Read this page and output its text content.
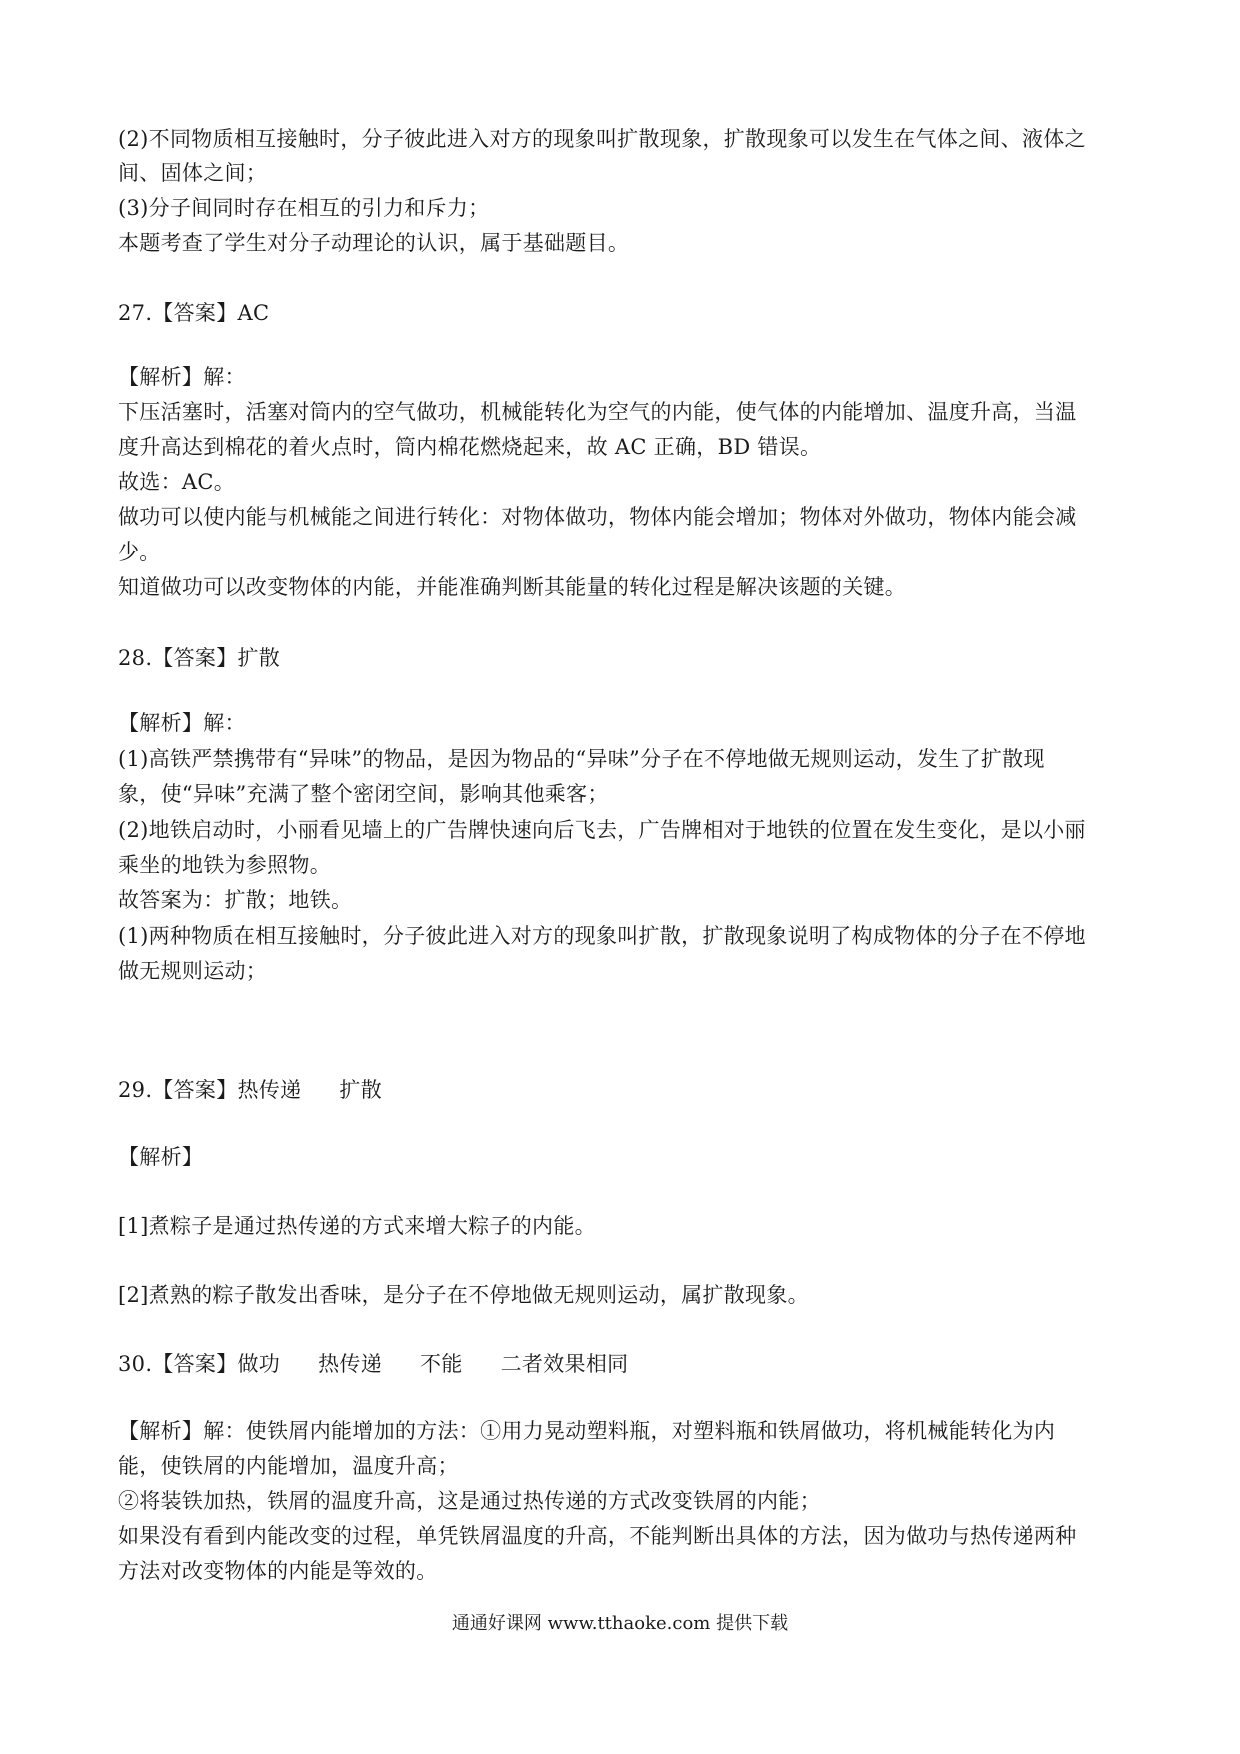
(2)不同物质相互接触时，分子彼此进入对方的现象叫扩散现象，扩散现象可以发生在气体之间、液体之
间、固体之间；
(3)分子间同时存在相互的引力和斥力；
本题考查了学生对分子动理论的认识，属于基础题目。
27.【答案】AC
【解析】解：
下压活塞时，活塞对筒内的空气做功，机械能转化为空气的内能，使气体的内能增加、温度升高，当温
度升高达到棉花的着火点时，筒内棉花燃烧起来，故 AC 正确，BD 错误。
故选：AC。
做功可以使内能与机械能之间进行转化：对物体做功，物体内能会增加；物体对外做功，物体内能会减
少。
知道做功可以改变物体的内能，并能准确判断其能量的转化过程是解决该题的关键。
28.【答案】扩散
【解析】解：
(1)高铁严禁携带有“异味”的物品，是因为物品的“异味”分子在不停地做无规则运动，发生了扩散现
象，使“异味”充满了整个密闭空间，影响其他乘客；
(2)地铁启动时，小丽看见墙上的广告牌快速向后飞去，广告牌相对于地铁的位置在发生变化，是以小丽
乘坐的地铁为参照物。
故答案为：扩散；地铁。
(1)两种物质在相互接触时，分子彼此进入对方的现象叫扩散，扩散现象说明了构成物体的分子在不停地
做无规则运动；
29.【答案】热传递 扩散
【解析】
[1]煮粽子是通过热传递的方式来增大粽子的内能。
[2]煮熟的粽子散发出香味，是分子在不停地做无规则运动，属扩散现象。
30.【答案】做功 热传递 不能 二者效果相同
【解析】解：使铁屑内能增加的方法：①用力晃动塑料瓶，对塑料瓶和铁屑做功，将机械能转化为内
能，使铁屑的内能增加，温度升高；
②将装铁加热，铁屑的温度升高，这是通过热传递的方式改变铁屑的内能；
如果没有看到内能改变的过程，单凭铁屑温度的升高，不能判断出具体的方法，因为做功与热传递两种
方法对改变物体的内能是等效的。
通通好课网 www.tthaoke.com 提供下载
